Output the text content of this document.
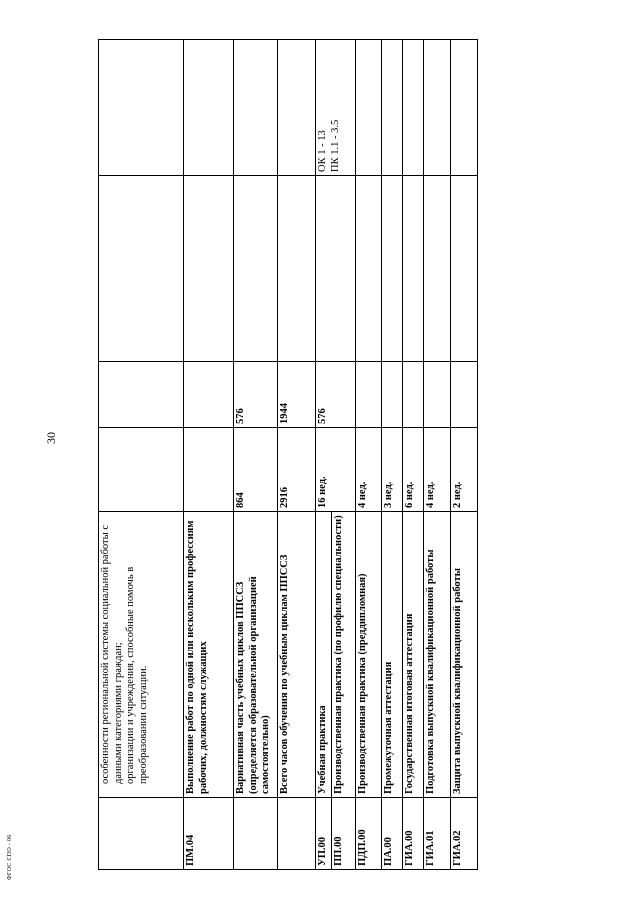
30

	особенности региональной системы социальной работы с данными категориями граждан; организации и учреждения, способные помочь в преобразовании ситуации.				

ПМ.04	Выполнение работ по одной или нескольким профессиям рабочих, должностям служащих				
	Вариативная часть учебных циклов ППССЗ (определяется образовательной организацией самостоятельно)	864	576		
	Всего часов обучения по учебным циклам ППССЗ	2916	1944		
УП.00	Учебная практика	16 нед.	576		ОК 1 - 13 ПК 1.1 - 3.5

ПП.00	Производственная практика (по профилю специальности)				
ПДП.00	Производственная практика (преддипломная)	4 нед.			
ПА.00	Промежуточная аттестация	3 нед.			
ГИА.00	Государственная итоговая аттестация	6 нед.			
ГИА.01	Подготовка выпускной квалификационной работы	4 нед.			
ГИА.02	Защита выпускной квалификационной работы	2 нед.			
ФГОС СПО - 06
